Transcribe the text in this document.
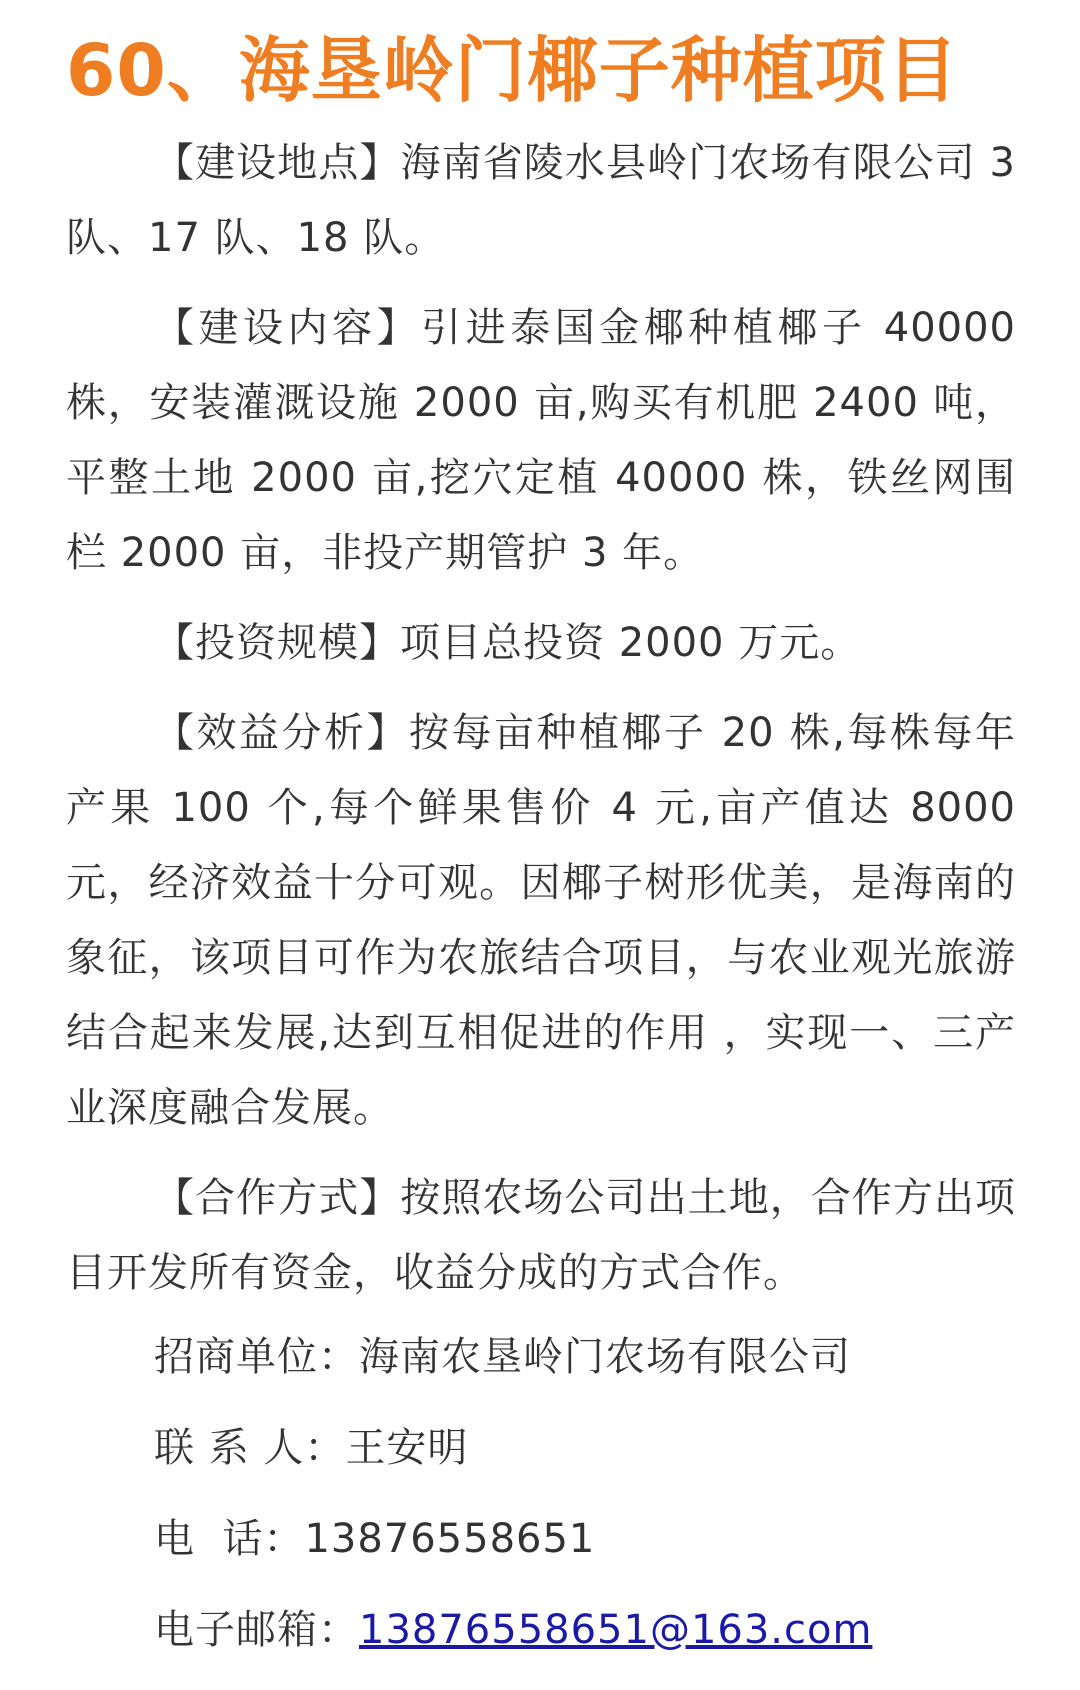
60、海垦岭门椰子种植项目

【建设地点】海南省陵水县岭门农场有限公司 3 队、17 队、18 队。

【建设内容】引进泰国金椰种植椰子 40000 株，安装灌溉设施 2000 亩,购买有机肥 2400 吨，平整土地 2000 亩,挖穴定植 40000 株，铁丝网围栏 2000 亩，非投产期管护 3 年。

【投资规模】项目总投资 2000 万元。

【效益分析】按每亩种植椰子 20 株,每株每年产果 100 个,每个鲜果售价 4 元,亩产值达 8000 元，经济效益十分可观。因椰子树形优美，是海南的象征，该项目可作为农旅结合项目，与农业观光旅游结合起来发展,达到互相促进的作用 ，实现一、三产业深度融合发展。

【合作方式】按照农场公司出土地，合作方出项目开发所有资金，收益分成的方式合作。

招商单位：海南农垦岭门农场有限公司
联 系 人：王安明
电  话：13876558651
电子邮箱：13876558651@163.com
